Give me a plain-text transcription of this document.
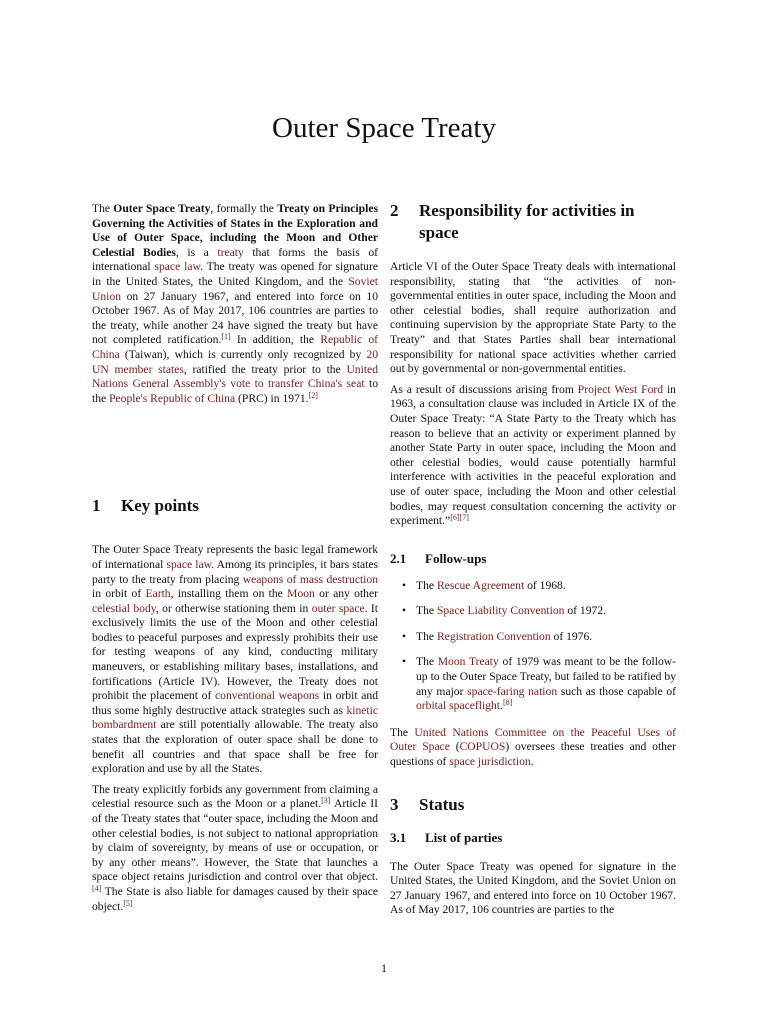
Outer Space Treaty

The Outer Space Treaty, formally the Treaty on Principles Governing the Activities of States in the Exploration and Use of Outer Space, including the Moon and Other Celestial Bodies, is a treaty that forms the basis of international space law. The treaty was opened for signature in the United States, the United Kingdom, and the Soviet Union on 27 January 1967, and entered into force on 10 October 1967. As of May 2017, 106 countries are parties to the treaty, while another 24 have signed the treaty but have not completed ratification.[1] In addition, the Republic of China (Taiwan), which is currently only recognized by 20 UN member states, ratified the treaty prior to the United Nations General Assembly's vote to transfer China's seat to the People's Republic of China (PRC) in 1971.[2]

1	Key points

The Outer Space Treaty represents the basic legal framework of international space law. Among its principles, it bars states party to the treaty from placing weapons of mass destruction in orbit of Earth, installing them on the Moon or any other celestial body, or otherwise stationing them in outer space. It exclusively limits the use of the Moon and other celestial bodies to peaceful purposes and expressly prohibits their use for testing weapons of any kind, conducting military maneuvers, or establishing military bases, installations, and fortifications (Article IV). However, the Treaty does not prohibit the placement of conventional weapons in orbit and thus some highly destructive attack strategies such as kinetic bombardment are still potentially allowable. The treaty also states that the exploration of outer space shall be done to benefit all countries and that space shall be free for exploration and use by all the States.

The treaty explicitly forbids any government from claiming a celestial resource such as the Moon or a planet.[3] Article II of the Treaty states that “outer space, including the Moon and other celestial bodies, is not subject to national appropriation by claim of sovereignty, by means of use or occupation, or by any other means”. However, the State that launches a space object retains jurisdiction and control over that object.[4] The State is also liable for damages caused by their space object.[5]

2	Responsibility for activities in space

Article VI of the Outer Space Treaty deals with international responsibility, stating that “the activities of non-governmental entities in outer space, including the Moon and other celestial bodies, shall require authorization and continuing supervision by the appropriate State Party to the Treaty” and that States Parties shall bear international responsibility for national space activities whether carried out by governmental or non-governmental entities.

As a result of discussions arising from Project West Ford in 1963, a consultation clause was included in Article IX of the Outer Space Treaty: “A State Party to the Treaty which has reason to believe that an activity or experiment planned by another State Party in outer space, including the Moon and other celestial bodies, would cause potentially harmful interference with activities in the peaceful exploration and use of outer space, including the Moon and other celestial bodies, may request consultation concerning the activity or experiment.”[6][7]

2.1	Follow-ups
• The Rescue Agreement of 1968.
• The Space Liability Convention of 1972.
• The Registration Convention of 1976.
• The Moon Treaty of 1979 was meant to be the follow-up to the Outer Space Treaty, but failed to be ratified by any major space-faring nation such as those capable of orbital spaceflight.[8]

The United Nations Committee on the Peaceful Uses of Outer Space (COPUOS) oversees these treaties and other questions of space jurisdiction.

3	Status
3.1	List of parties

The Outer Space Treaty was opened for signature in the United States, the United Kingdom, and the Soviet Union on 27 January 1967, and entered into force on 10 October 1967. As of May 2017, 106 countries are parties to the

1
